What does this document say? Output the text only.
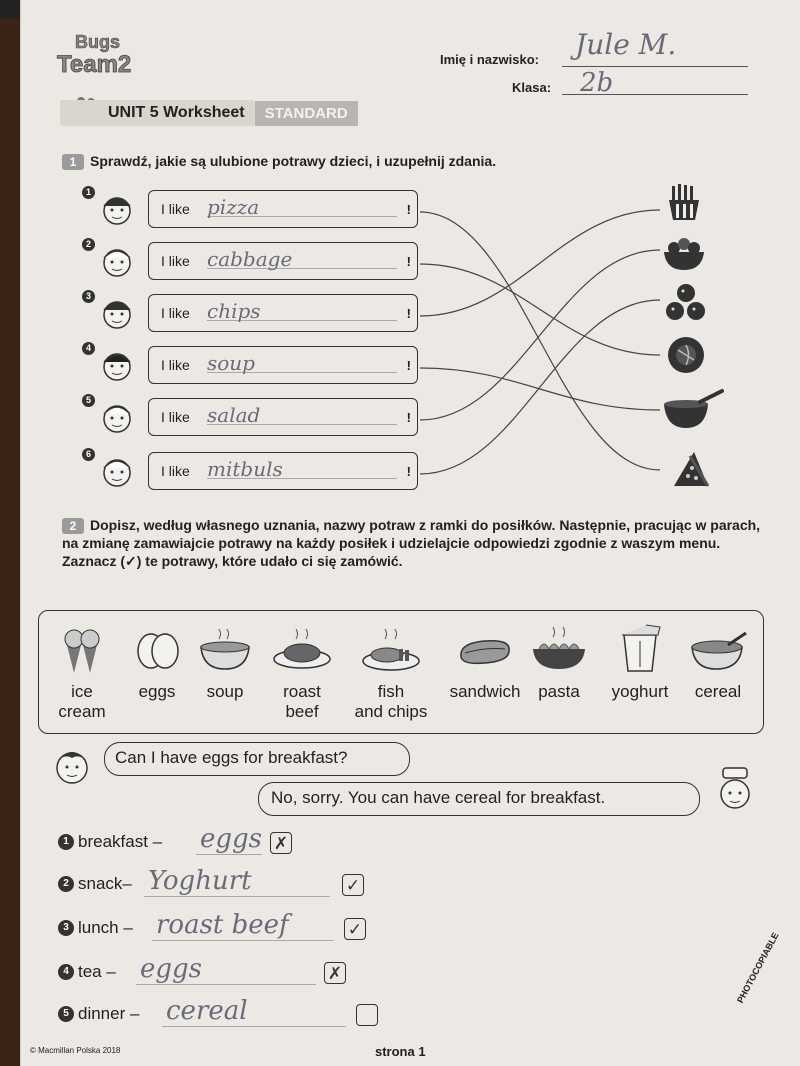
Bugs
Team2	Imię i nazwisko: Jule M.
Klasa: 2b
UNIT 5 Worksheet	STANDARD
1 Sprawdź, jakie są ulubione potrawy dzieci, i uzupełnij zdania.
1
I like pizza	!
2
I like cabbage	!
3
I like chips	!
4
I like soup	!
5
I like salad	!
6
I like mitbuls	!
2 Dopisz, według własnego uznania, nazwy potraw z ramki do posiłków. Następnie, pracując w parach, na zmianę zamawiajcie potrawy na każdy posiłek i udzielajcie odpowiedzi zgodnie z waszym menu. Zaznacz (✓) te potrawy, które udało ci się zamówić.
ice
cream
eggs	soup	roast
beef
fish
and chips
sandwich	pasta	yoghurt	cereal
Can I have eggs for breakfast?
No, sorry. You can have cereal for breakfast.
1 breakfast – eggs ✗
2 snack– Yoghurt	✓
3 lunch – roast beef	✓
4 tea – eggs	✗
5 dinner – cereal
© Macmillan Polska 2018	strona 1
PHOTOCOPIABLE
